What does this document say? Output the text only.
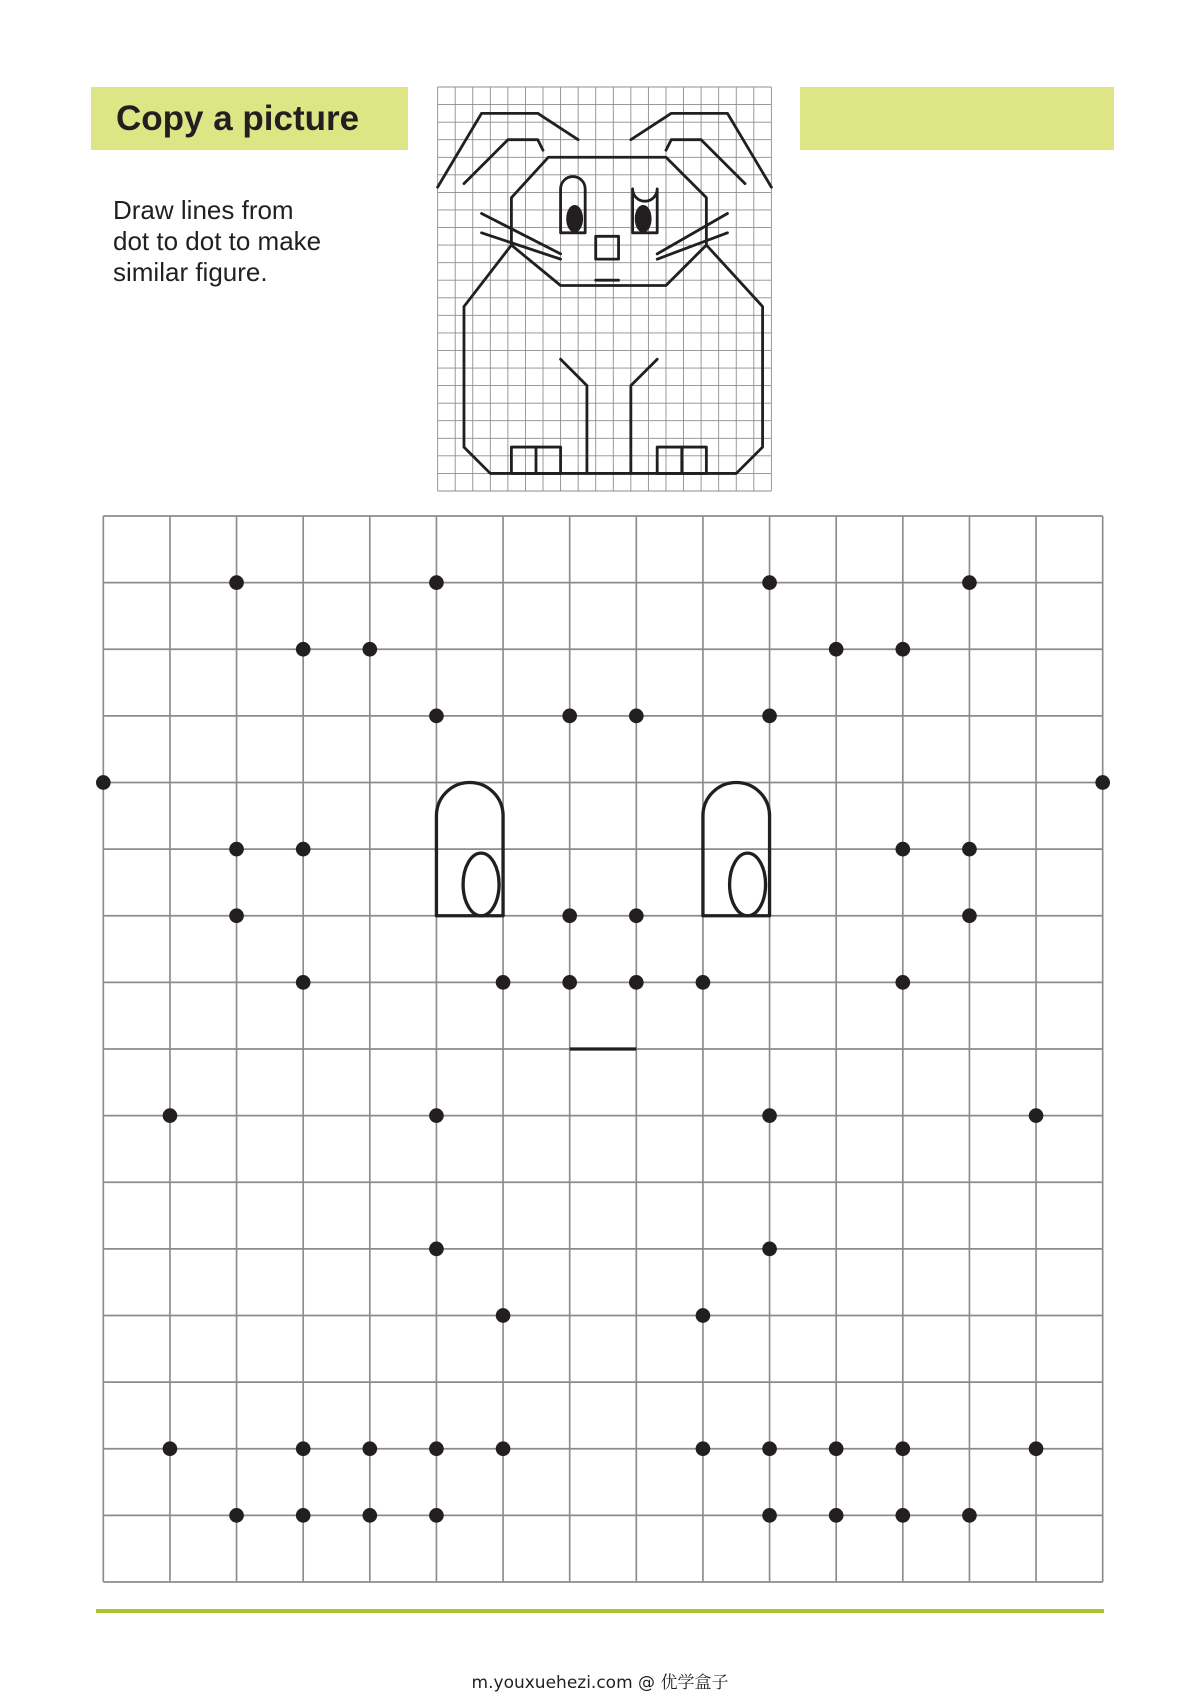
Copy a picture
Draw lines from
dot to dot to make
similar figure.
m.youxuehezi.com @ 优学盒子
